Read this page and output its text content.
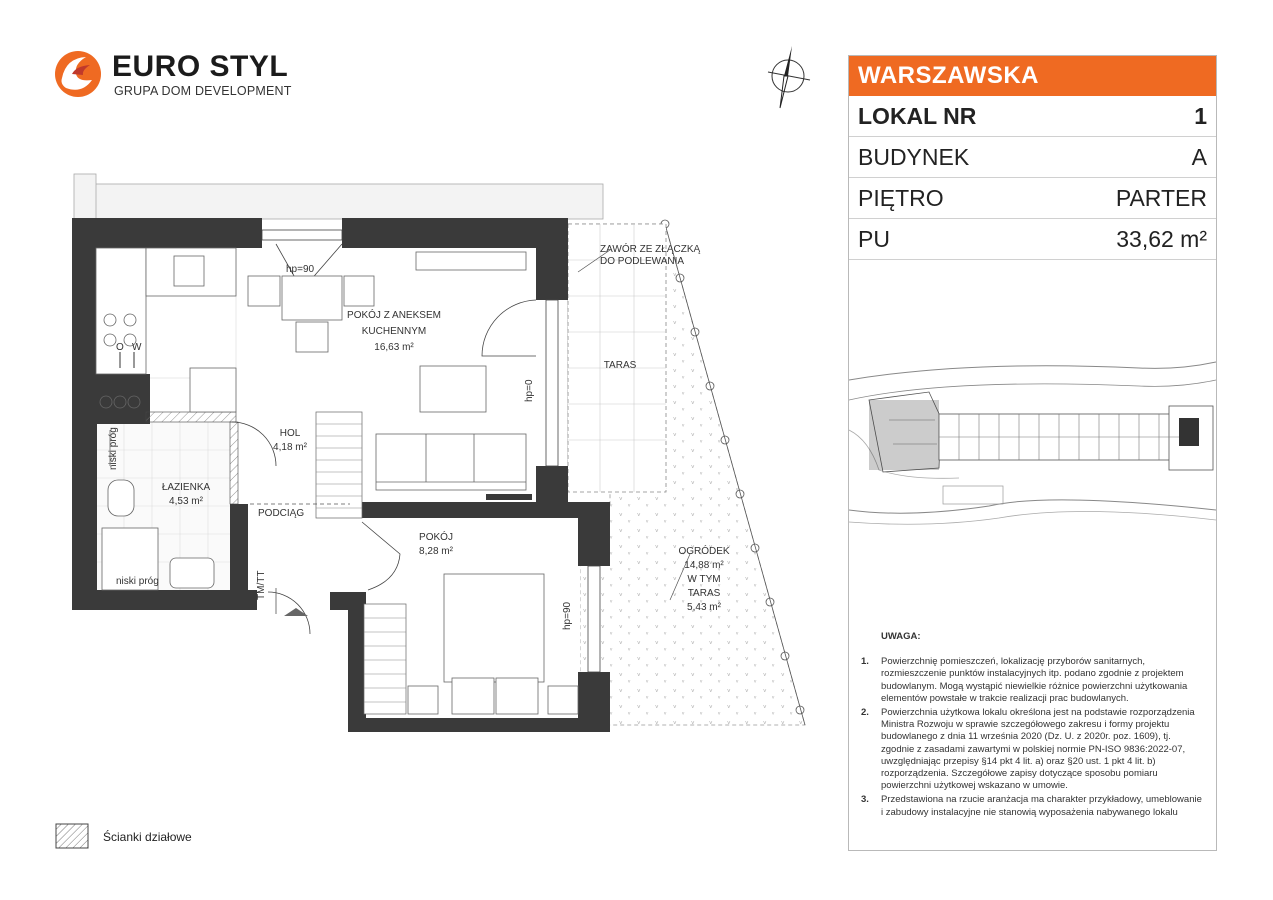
EURO STYL
GRUPA DOM DEVELOPMENT
POKÓJ Z ANEKSEM
KUCHENNYM
16,63 m²
HOL
4,18 m²
ŁAZIENKA
4,53 m²
POKÓJ
8,28 m²
TARAS
OGRÓDEK
14,88 m²
W TYM
TARAS
5,43 m²
ZAWÓR ZE ZŁĄCZKĄ
DO PODLEWANIA
hp=90
hp=0
hp=90
PODCIĄG
niski próg
niski próg	TM/TT
O W
WARSZAWSKA
LOKAL NR	1
BUDYNEK	A
PIĘTRO	PARTER
PU	33,62 m²
UWAGA:
1. Powierzchnię pomieszczeń, lokalizację przyborów sanitarnych, rozmieszczenie punktów instalacyjnych itp. podano zgodnie z projektem budowlanym. Mogą wystąpić niewielkie różnice powierzchni użytkowania elementów powstałe w trakcie realizacji prac budowlanych.
2. Powierzchnia użytkowa lokalu określona jest na podstawie rozporządzenia Ministra Rozwoju w sprawie szczegółowego zakresu i formy projektu budowlanego z dnia 11 września 2020 (Dz. U. z 2020r. poz. 1609), tj. zgodnie z zasadami zawartymi w polskiej normie PN-ISO 9836:2022-07, uwzględniając przepisy §14 pkt 4 lit. a) oraz §20 ust. 1 pkt 4 lit. b) rozporządzenia. Szczegółowe zapisy dotyczące sposobu pomiaru powierzchni użytkowej wskazano w umowie.
3. Przedstawiona na rzucie aranżacja ma charakter przykładowy, umeblowanie i zabudowy instalacyjne nie stanowią wyposażenia nabywanego lokalu
Ścianki działowe
